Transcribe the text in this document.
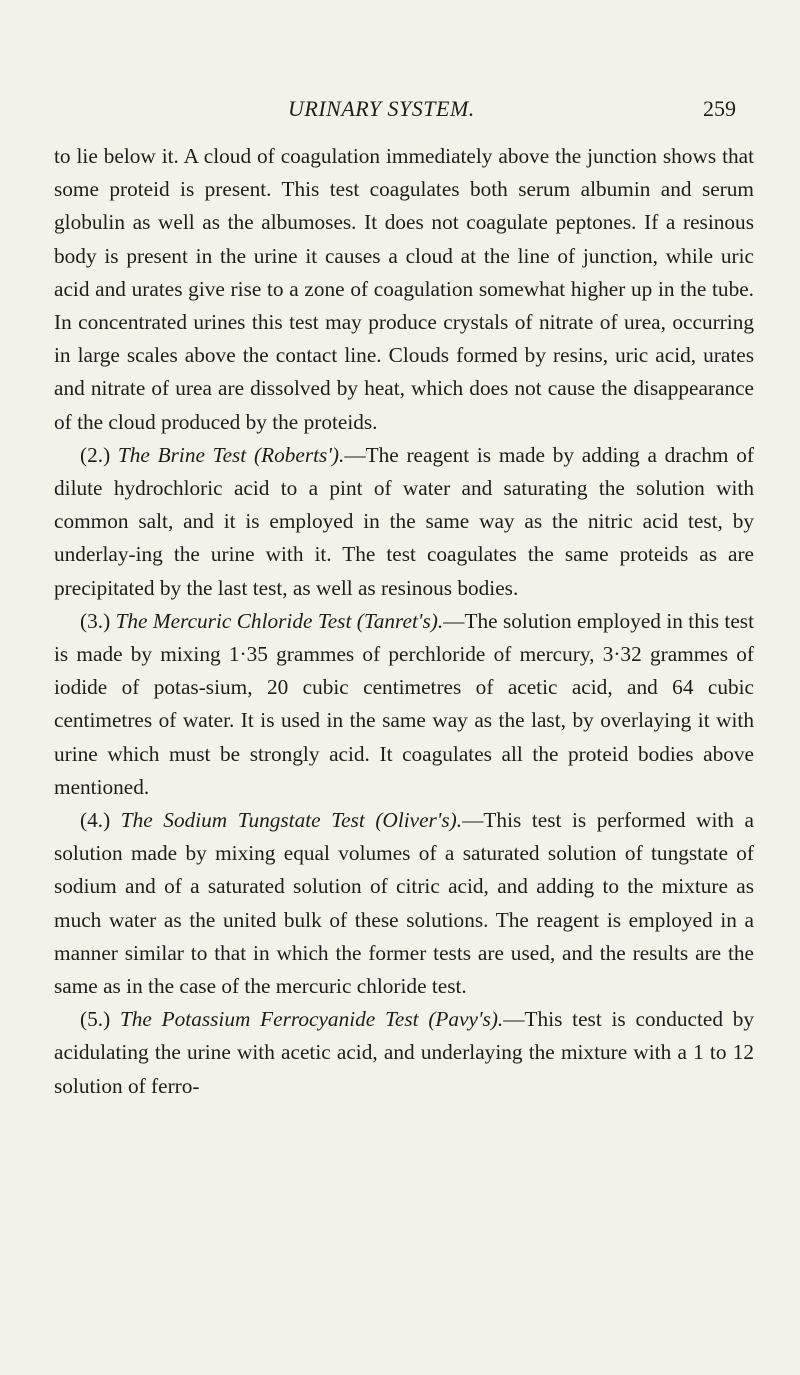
URINARY SYSTEM.	259

to lie below it. A cloud of coagulation immediately above the junction shows that some proteid is present. This test coagulates both serum albumin and serum globulin as well as the albumoses. It does not coagulate peptones. If a resinous body is present in the urine it causes a cloud at the line of junction, while uric acid and urates give rise to a zone of coagulation somewhat higher up in the tube. In concentrated urines this test may produce crystals of nitrate of urea, occurring in large scales above the contact line. Clouds formed by resins, uric acid, urates and nitrate of urea are dissolved by heat, which does not cause the disappearance of the cloud produced by the proteids.

(2.) The Brine Test (Roberts').—The reagent is made by adding a drachm of dilute hydrochloric acid to a pint of water and saturating the solution with common salt, and it is employed in the same way as the nitric acid test, by underlay-ing the urine with it. The test coagulates the same proteids as are precipitated by the last test, as well as resinous bodies.

(3.) The Mercuric Chloride Test (Tanret's).—The solution employed in this test is made by mixing 1·35 grammes of perchloride of mercury, 3·32 grammes of iodide of potas-sium, 20 cubic centimetres of acetic acid, and 64 cubic centimetres of water. It is used in the same way as the last, by overlaying it with urine which must be strongly acid. It coagulates all the proteid bodies above mentioned.

(4.) The Sodium Tungstate Test (Oliver's).—This test is performed with a solution made by mixing equal volumes of a saturated solution of tungstate of sodium and of a saturated solution of citric acid, and adding to the mixture as much water as the united bulk of these solutions. The reagent is employed in a manner similar to that in which the former tests are used, and the results are the same as in the case of the mercuric chloride test.

(5.) The Potassium Ferrocyanide Test (Pavy's).—This test is conducted by acidulating the urine with acetic acid, and underlaying the mixture with a 1 to 12 solution of ferro-
